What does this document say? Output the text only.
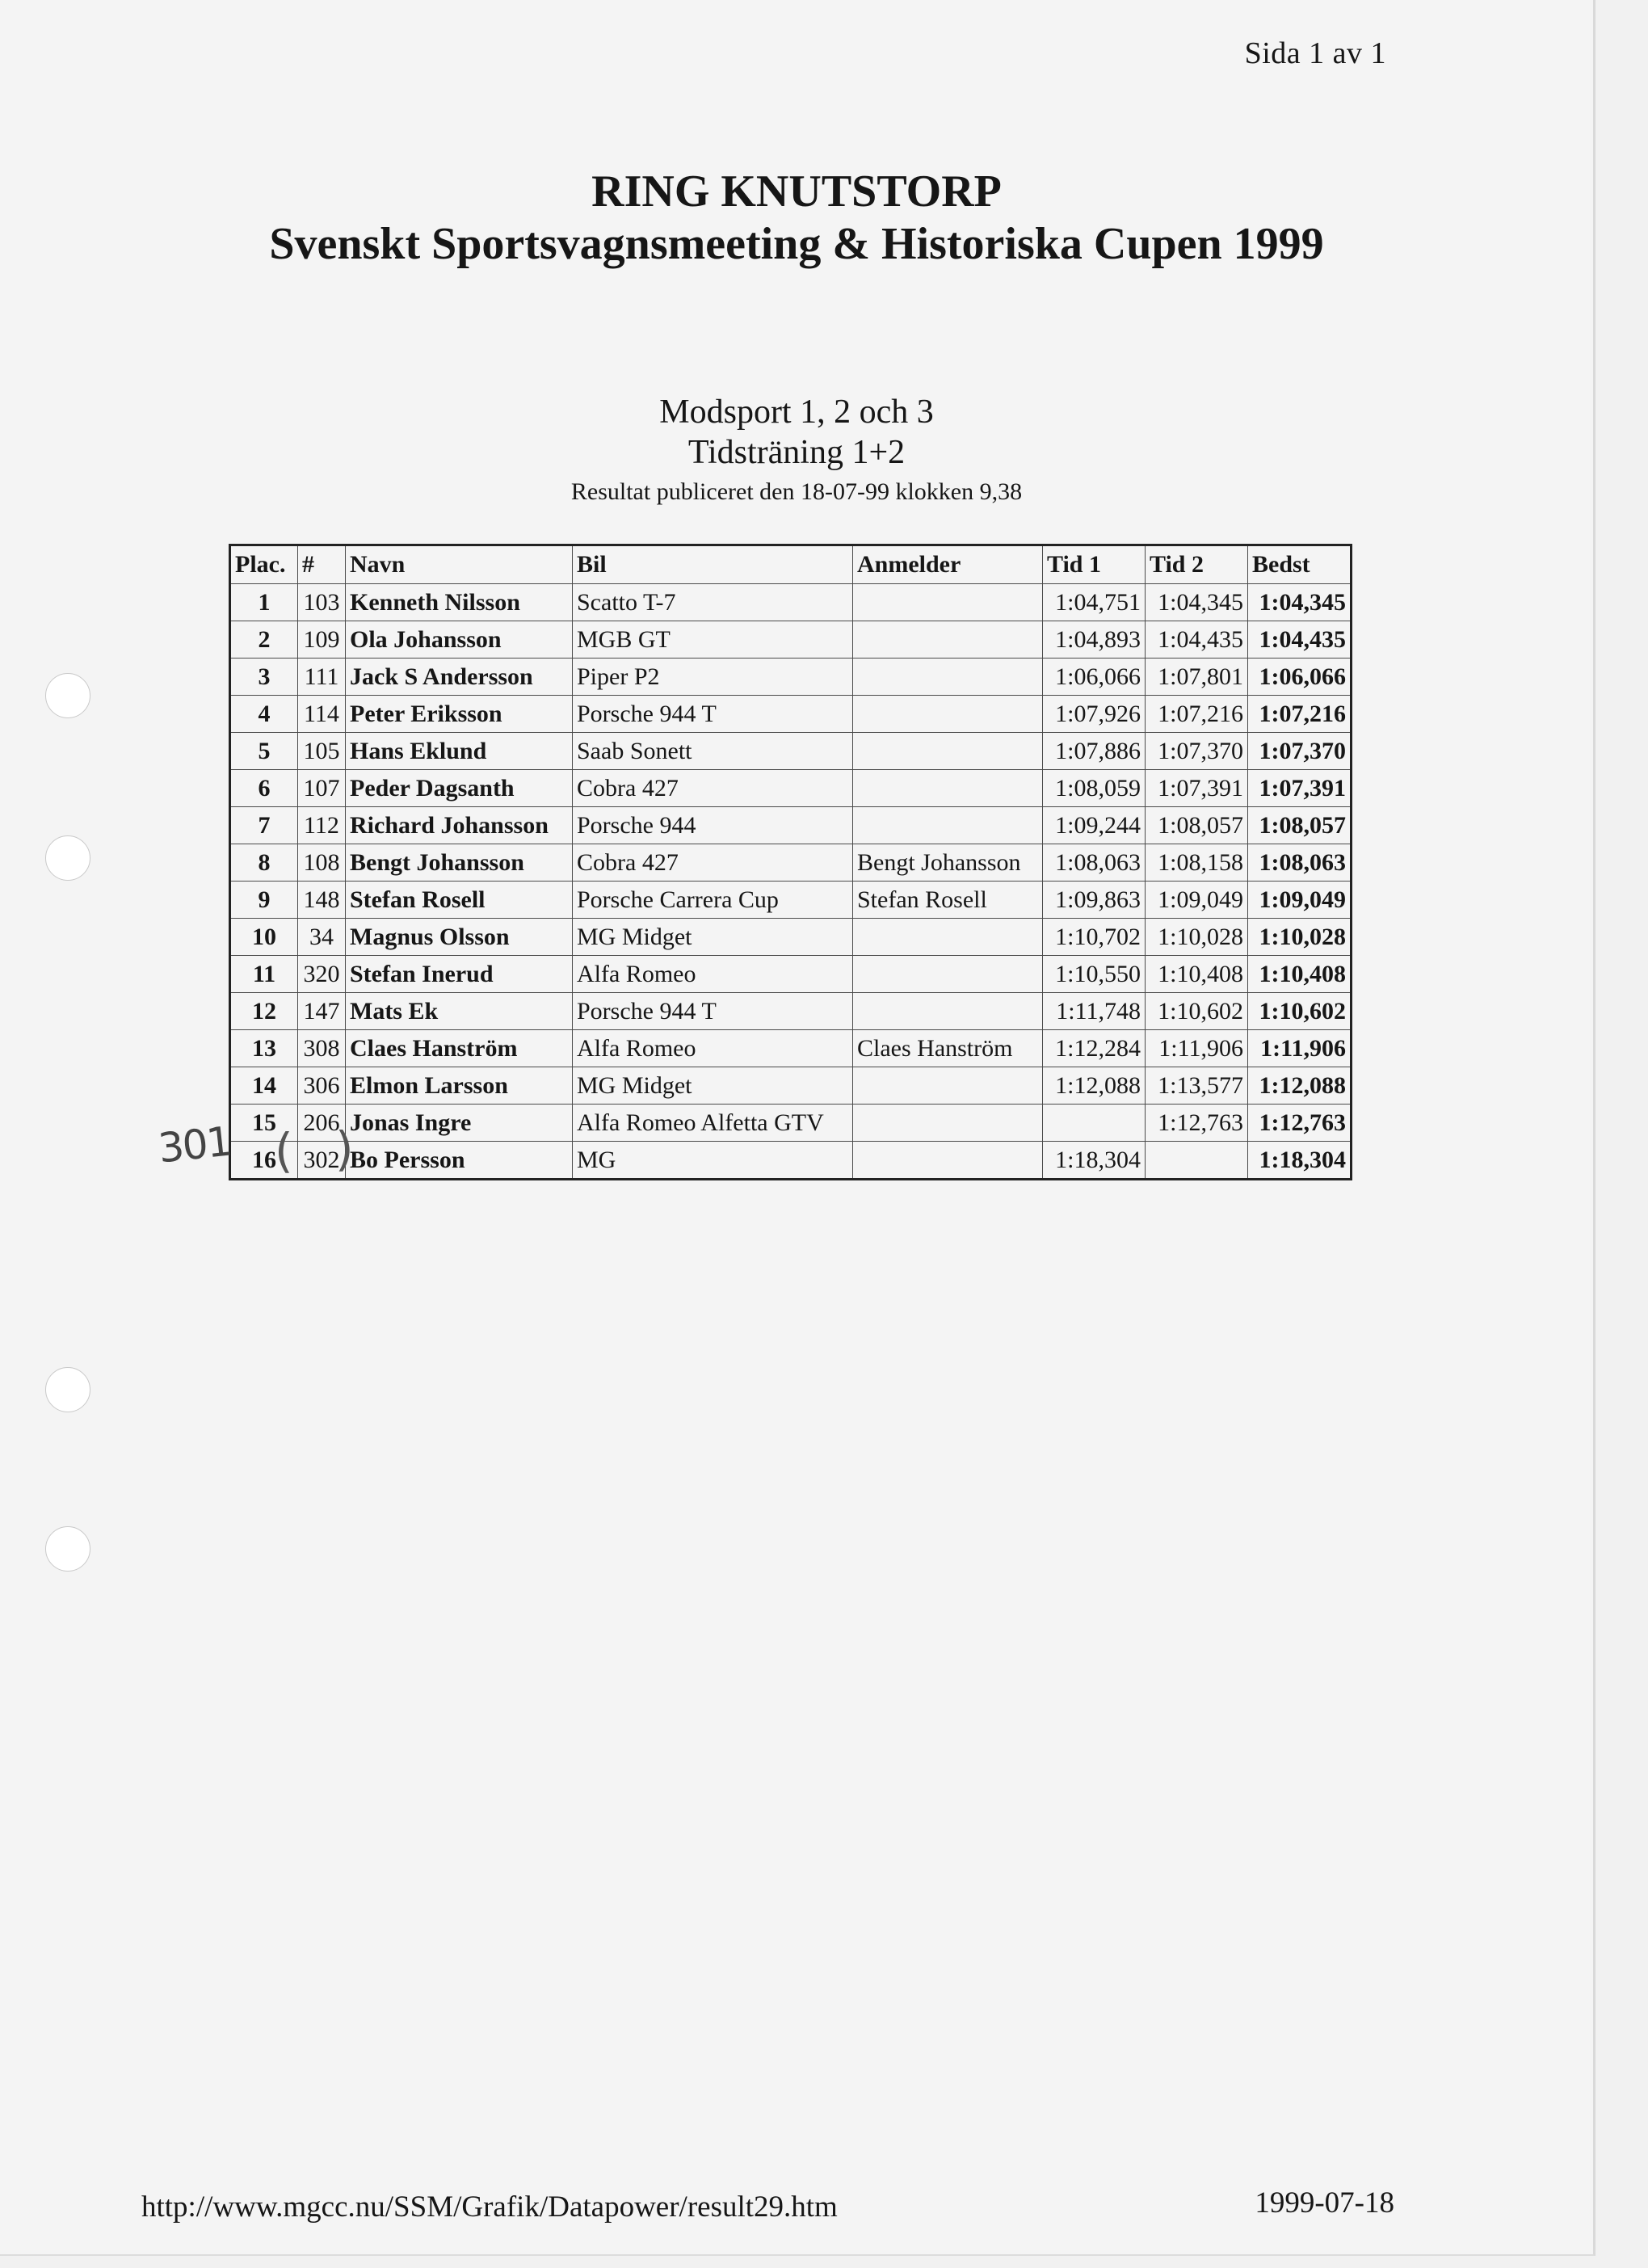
Sida 1 av 1
RING KNUTSTORP
Svenskt Sportsvagnsmeeting & Historiska Cupen 1999
Modsport 1, 2 och 3
Tidsträning 1+2
Resultat publiceret den 18-07-99 klokken 9,38
Plac.	#	Navn	Bil	Anmelder	Tid 1	Tid 2	Bedst
1	103	Kenneth Nilsson	Scatto T-7		1:04,751	1:04,345	1:04,345
2	109	Ola Johansson	MGB GT		1:04,893	1:04,435	1:04,435
3	111	Jack S Andersson	Piper P2		1:06,066	1:07,801	1:06,066
4	114	Peter Eriksson	Porsche 944 T		1:07,926	1:07,216	1:07,216
5	105	Hans Eklund	Saab Sonett		1:07,886	1:07,370	1:07,370
6	107	Peder Dagsanth	Cobra 427		1:08,059	1:07,391	1:07,391
7	112	Richard Johansson	Porsche 944		1:09,244	1:08,057	1:08,057
8	108	Bengt Johansson	Cobra 427	Bengt Johansson	1:08,063	1:08,158	1:08,063
9	148	Stefan Rosell	Porsche Carrera Cup	Stefan Rosell	1:09,863	1:09,049	1:09,049
10	34	Magnus Olsson	MG Midget		1:10,702	1:10,028	1:10,028
11	320	Stefan Inerud	Alfa Romeo		1:10,550	1:10,408	1:10,408
12	147	Mats Ek	Porsche 944 T		1:11,748	1:10,602	1:10,602
13	308	Claes Hanström	Alfa Romeo	Claes Hanström	1:12,284	1:11,906	1:11,906
14	306	Elmon Larsson	MG Midget		1:12,088	1:13,577	1:12,088
15	206	Jonas Ingre	Alfa Romeo Alfetta GTV			1:12,763	1:12,763
16	302	Bo Persson	MG		1:18,304		1:18,304
301 ( )
http://www.mgcc.nu/SSM/Grafik/Datapower/result29.htm	1999-07-18
